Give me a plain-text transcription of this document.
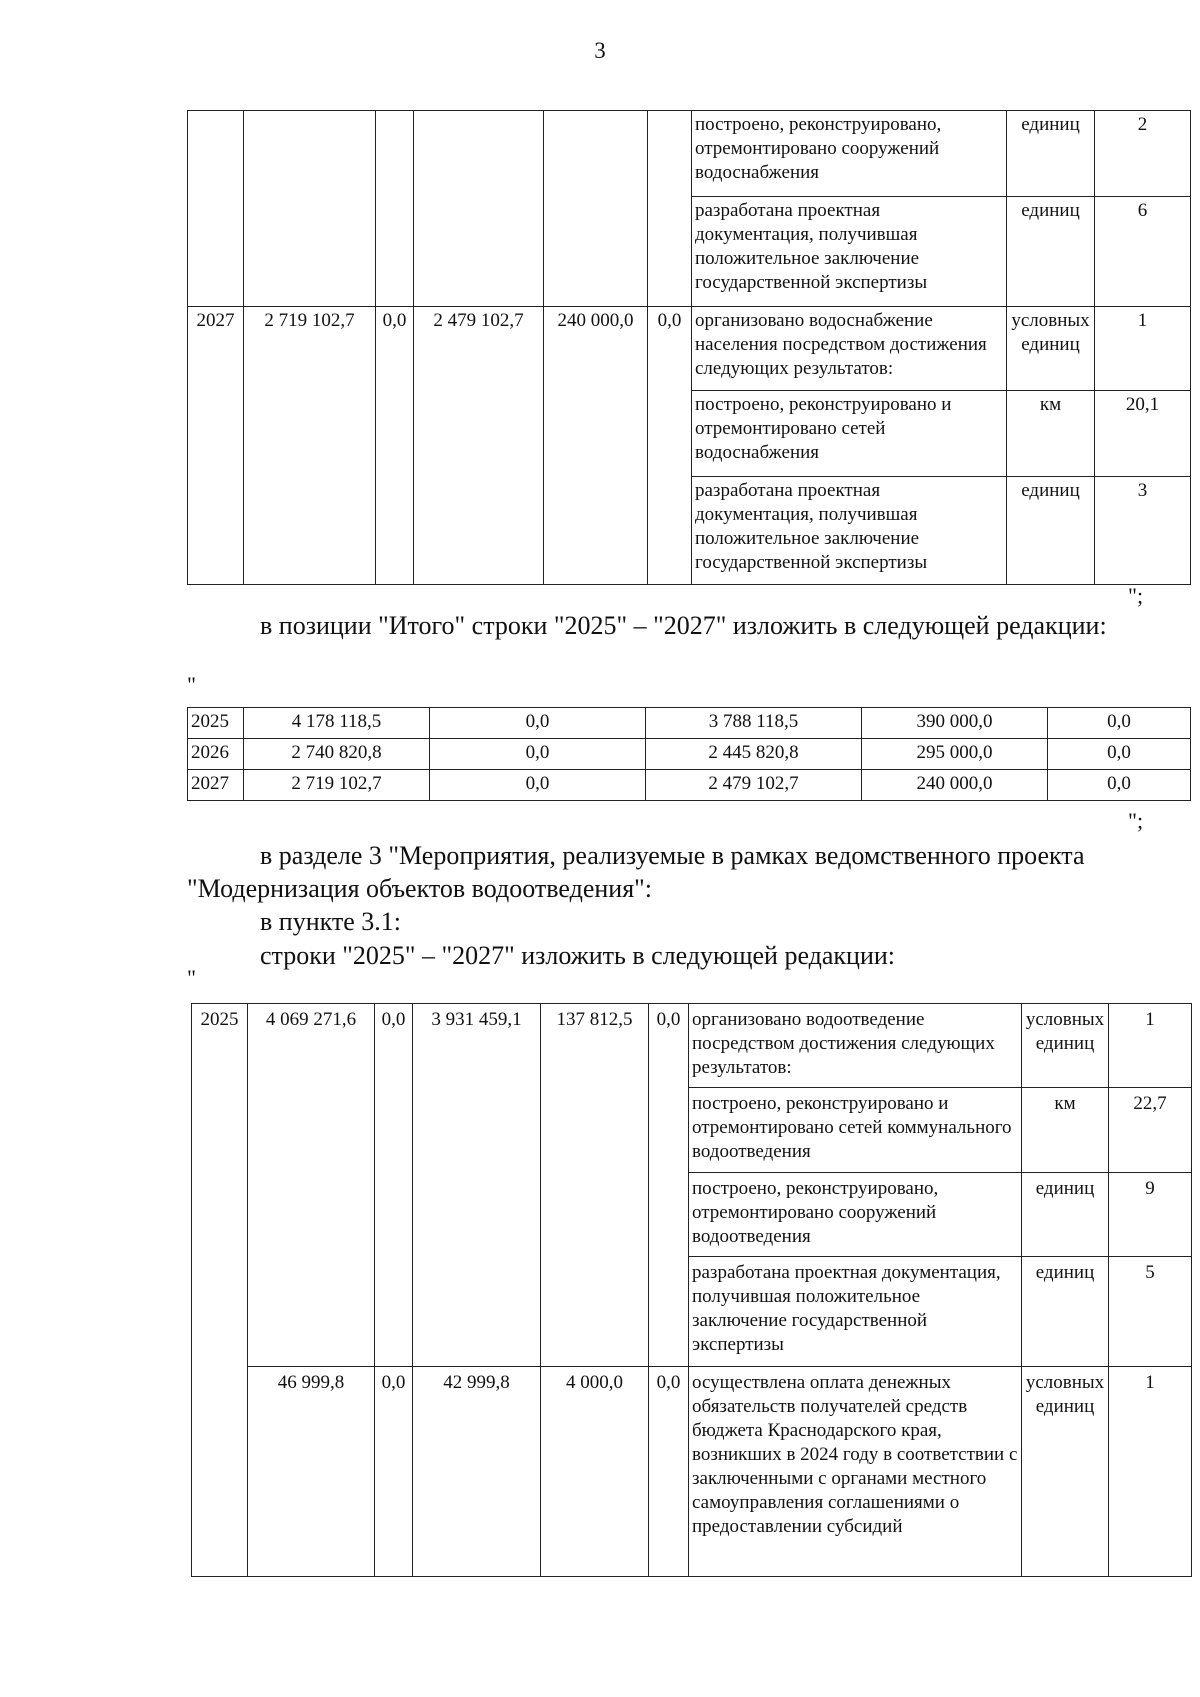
3
						построено, реконструировано, отремонтировано сооружений водоснабжения	единиц	2
						разработана проектная документация, получившая положительное заключение государственной экспертизы	единиц	6
2027	2 719 102,7	0,0	2 479 102,7	240 000,0	0,0	организовано водоснабжение населения посредством достижения следующих результатов:	условных единиц	1
						построено, реконструировано и отремонтировано сетей водоснабжения	км	20,1
						разработана проектная документация, получившая положительное заключение государственной экспертизы	единиц	3
";
в позиции "Итого" строки "2025" – "2027" изложить в следующей редакции:
"
2025	4 178 118,5	0,0	3 788 118,5	390 000,0	0,0
2026	2 740 820,8	0,0	2 445 820,8	295 000,0	0,0
2027	2 719 102,7	0,0	2 479 102,7	240 000,0	0,0
";
в разделе 3 "Мероприятия, реализуемые в рамках ведомственного проекта
"Модернизация объектов водоотведения":
в пункте 3.1:
строки "2025" – "2027" изложить в следующей редакции:
"
2025	4 069 271,6	0,0	3 931 459,1	137 812,5	0,0	организовано водоотведение посредством достижения следующих результатов:	условных единиц	1
						построено, реконструировано и отремонтировано сетей коммунального водоотведения	км	22,7
						построено, реконструировано, отремонтировано сооружений водоотведения	единиц	9
						разработана проектная документация, получившая положительное заключение государственной экспертизы	единиц	5
	46 999,8	0,0	42 999,8	4 000,0	0,0	осуществлена оплата денежных обязательств получателей средств бюджета Краснодарского края, возникших в 2024 году в соответствии с заключенными с органами местного самоуправления соглашениями о предоставлении субсидий	условных единиц	1
